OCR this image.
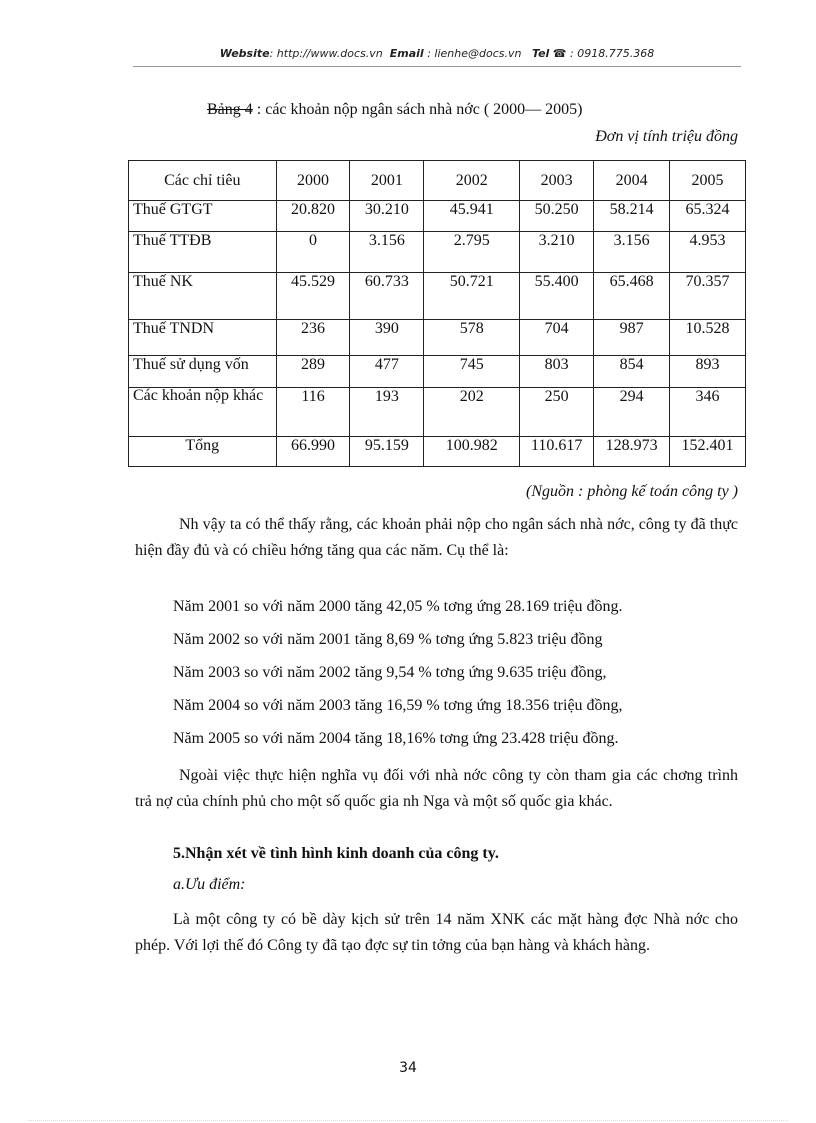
Website: http://www.docs.vn Email : lienhe@docs.vn Tel ☎ : 0918.775.368
Bảng 4 : các khoản nộp ngân sách nhà nớc ( 2000— 2005)
Đơn vị tính triệu đồng
Các chỉ tiêu	2000	2001	2002	2003	2004	2005
Thuế GTGT	20.820	30.210	45.941	50.250	58.214	65.324
Thuế TTĐB	0	3.156	2.795	3.210	3.156	4.953
Thuế NK	45.529	60.733	50.721	55.400	65.468	70.357
Thuế TNDN	236	390	578	704	987	10.528
Thuế sử dụng vốn	289	477	745	803	854	893
Các khoản nộp khác	116	193	202	250	294	346
Tổng	66.990	95.159	100.982	110.617	128.973	152.401
(Nguồn : phòng kế toán công ty )
Nh vậy ta có thể thấy rằng, các khoản phải nộp cho ngân sách nhà nớc, công ty đã thực hiện đầy đủ và có chiều hớng tăng qua các năm. Cụ thể là:
Năm 2001 so với năm 2000 tăng 42,05 % tơng ứng 28.169 triệu đồng.
Năm 2002 so với năm 2001 tăng 8,69 % tơng ứng 5.823 triệu đồng
Năm 2003 so với năm 2002 tăng 9,54 % tơng ứng 9.635 triệu đồng,
Năm 2004 so với năm 2003 tăng 16,59 % tơng ứng 18.356 triệu đồng,
Năm 2005 so với năm 2004 tăng 18,16% tơng ứng 23.428 triệu đồng.
Ngoài việc thực hiện nghĩa vụ đối với nhà nớc công ty còn tham gia các chơng trình trả nợ của chính phủ cho một số quốc gia nh Nga và một số quốc gia khác.
5.Nhận xét về tình hình kinh doanh của công ty.
a.Ưu điểm:
Là một công ty có bề dày kịch sử trên 14 năm XNK các mặt hàng đợc Nhà nớc cho phép. Với lợi thế đó Công ty đã tạo đợc sự tin tởng của bạn hàng và khách hàng.
34
